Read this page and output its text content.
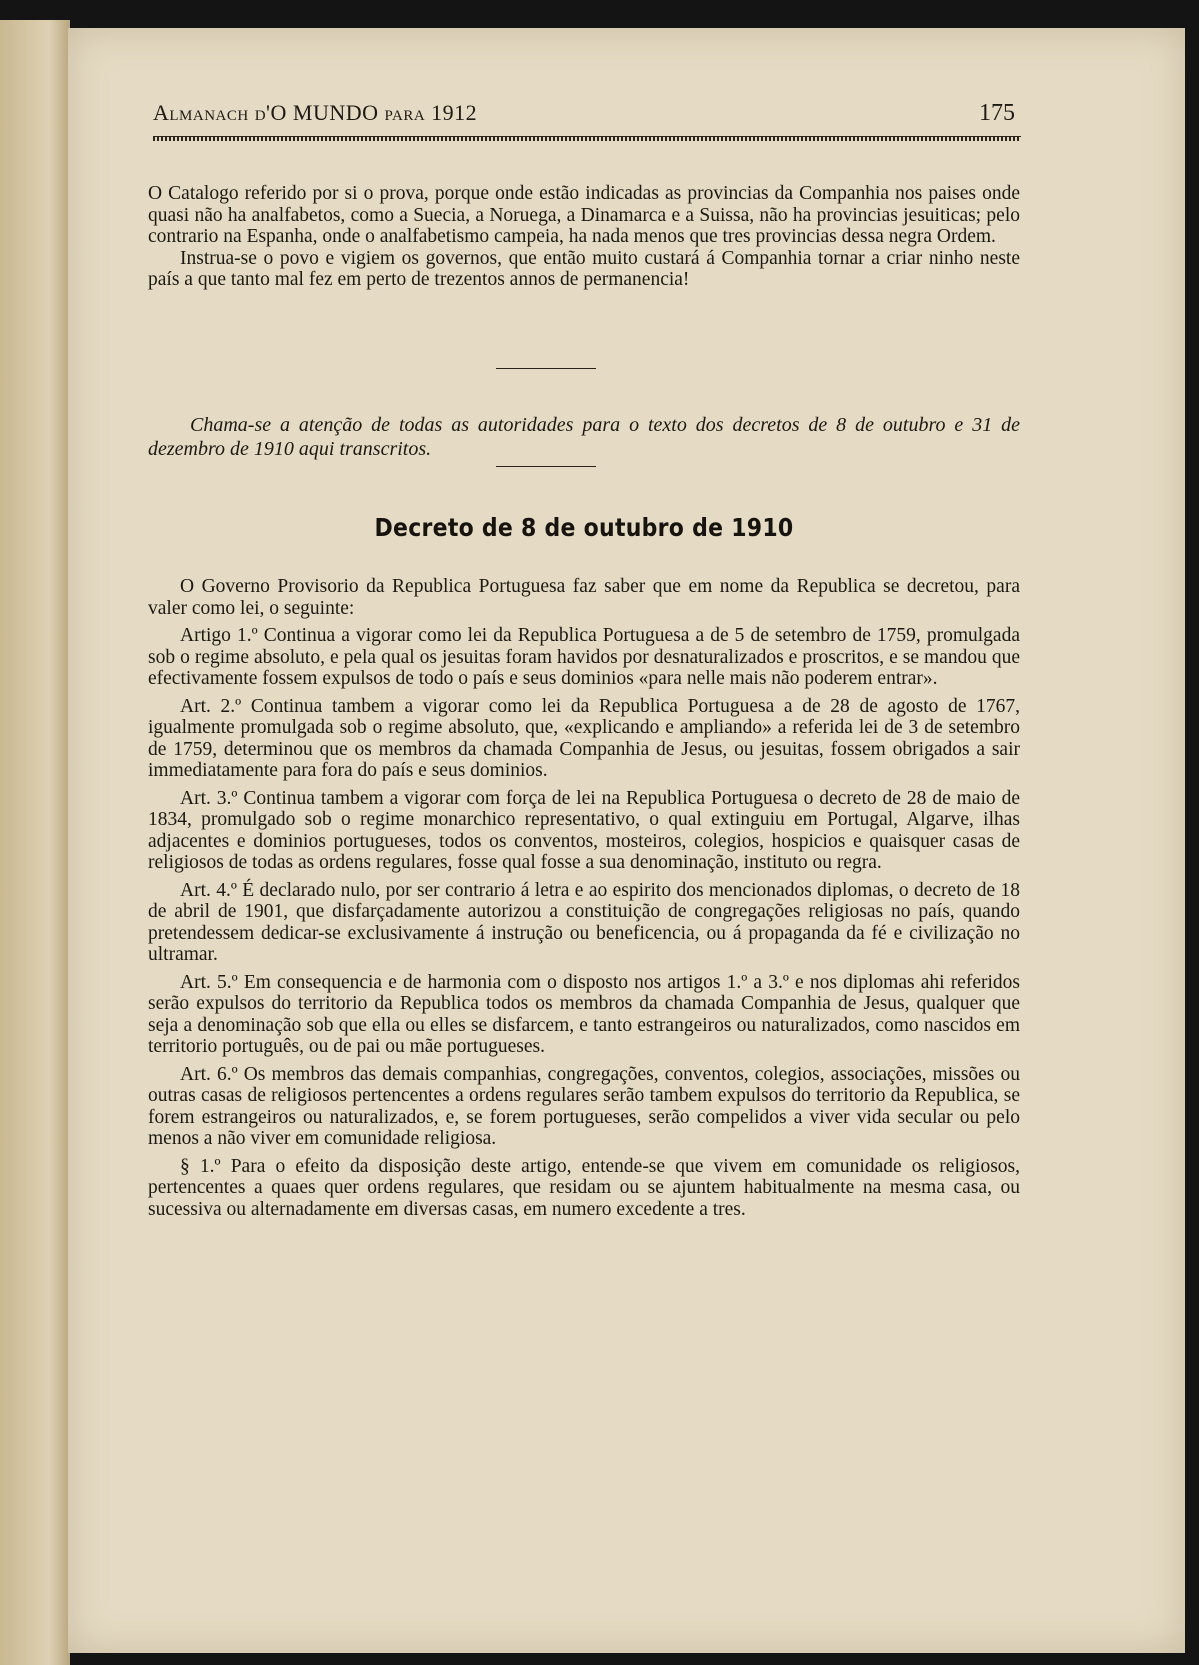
Almanach d'O MUNDO para 1912	175

O Catalogo referido por si o prova, porque onde estão indicadas as provincias da Companhia nos paises onde quasi não ha analfabetos, como a Suecia, a Noruega, a Dinamarca e a Suissa, não ha provincias jesuiticas; pelo contrario na Espanha, onde o analfabetismo campeia, ha nada menos que tres provincias dessa negra Ordem.

Instrua-se o povo e vigiem os governos, que então muito custará á Companhia tornar a criar ninho neste país a que tanto mal fez em perto de trezentos annos de permanencia!

Chama-se a atenção de todas as autoridades para o texto dos decretos de 8 de outubro e 31 de dezembro de 1910 aqui transcritos.

Decreto de 8 de outubro de 1910

O Governo Provisorio da Republica Portuguesa faz saber que em nome da Republica se decretou, para valer como lei, o seguinte:

Artigo 1.º Continua a vigorar como lei da Republica Portuguesa a de 5 de setembro de 1759, promulgada sob o regime absoluto, e pela qual os jesuitas foram havidos por desnaturalizados e proscritos, e se mandou que efectivamente fossem expulsos de todo o país e seus dominios «para nelle mais não poderem entrar».

Art. 2.º Continua tambem a vigorar como lei da Republica Portuguesa a de 28 de agosto de 1767, igualmente promulgada sob o regime absoluto, que, «explicando e ampliando» a referida lei de 3 de setembro de 1759, determinou que os membros da chamada Companhia de Jesus, ou jesuitas, fossem obrigados a sair immediatamente para fora do país e seus dominios.

Art. 3.º Continua tambem a vigorar com força de lei na Republica Portuguesa o decreto de 28 de maio de 1834, promulgado sob o regime monarchico representativo, o qual extinguiu em Portugal, Algarve, ilhas adjacentes e dominios portugueses, todos os conventos, mosteiros, colegios, hospicios e quaisquer casas de religiosos de todas as ordens regulares, fosse qual fosse a sua denominação, instituto ou regra.

Art. 4.º É declarado nulo, por ser contrario á letra e ao espirito dos mencionados diplomas, o decreto de 18 de abril de 1901, que disfarçadamente autorizou a constituição de congregações religiosas no país, quando pretendessem dedicar-se exclusivamente á instrução ou beneficencia, ou á propaganda da fé e civilização no ultramar.

Art. 5.º Em consequencia e de harmonia com o disposto nos artigos 1.º a 3.º e nos diplomas ahi referidos serão expulsos do territorio da Republica todos os membros da chamada Companhia de Jesus, qualquer que seja a denominação sob que ella ou elles se disfarcem, e tanto estrangeiros ou naturalizados, como nascidos em territorio português, ou de pai ou mãe portugueses.

Art. 6.º Os membros das demais companhias, congregações, conventos, colegios, associações, missões ou outras casas de religiosos pertencentes a ordens regulares serão tambem expulsos do territorio da Republica, se forem estrangeiros ou naturalizados, e, se forem portugueses, serão compelidos a viver vida secular ou pelo menos a não viver em comunidade religiosa.

§ 1.º Para o efeito da disposição deste artigo, entende-se que vivem em comunidade os religiosos, pertencentes a quaes quer ordens regulares, que residam ou se ajuntem habitualmente na mesma casa, ou sucessiva ou alternadamente em diversas casas, em numero excedente a tres.
